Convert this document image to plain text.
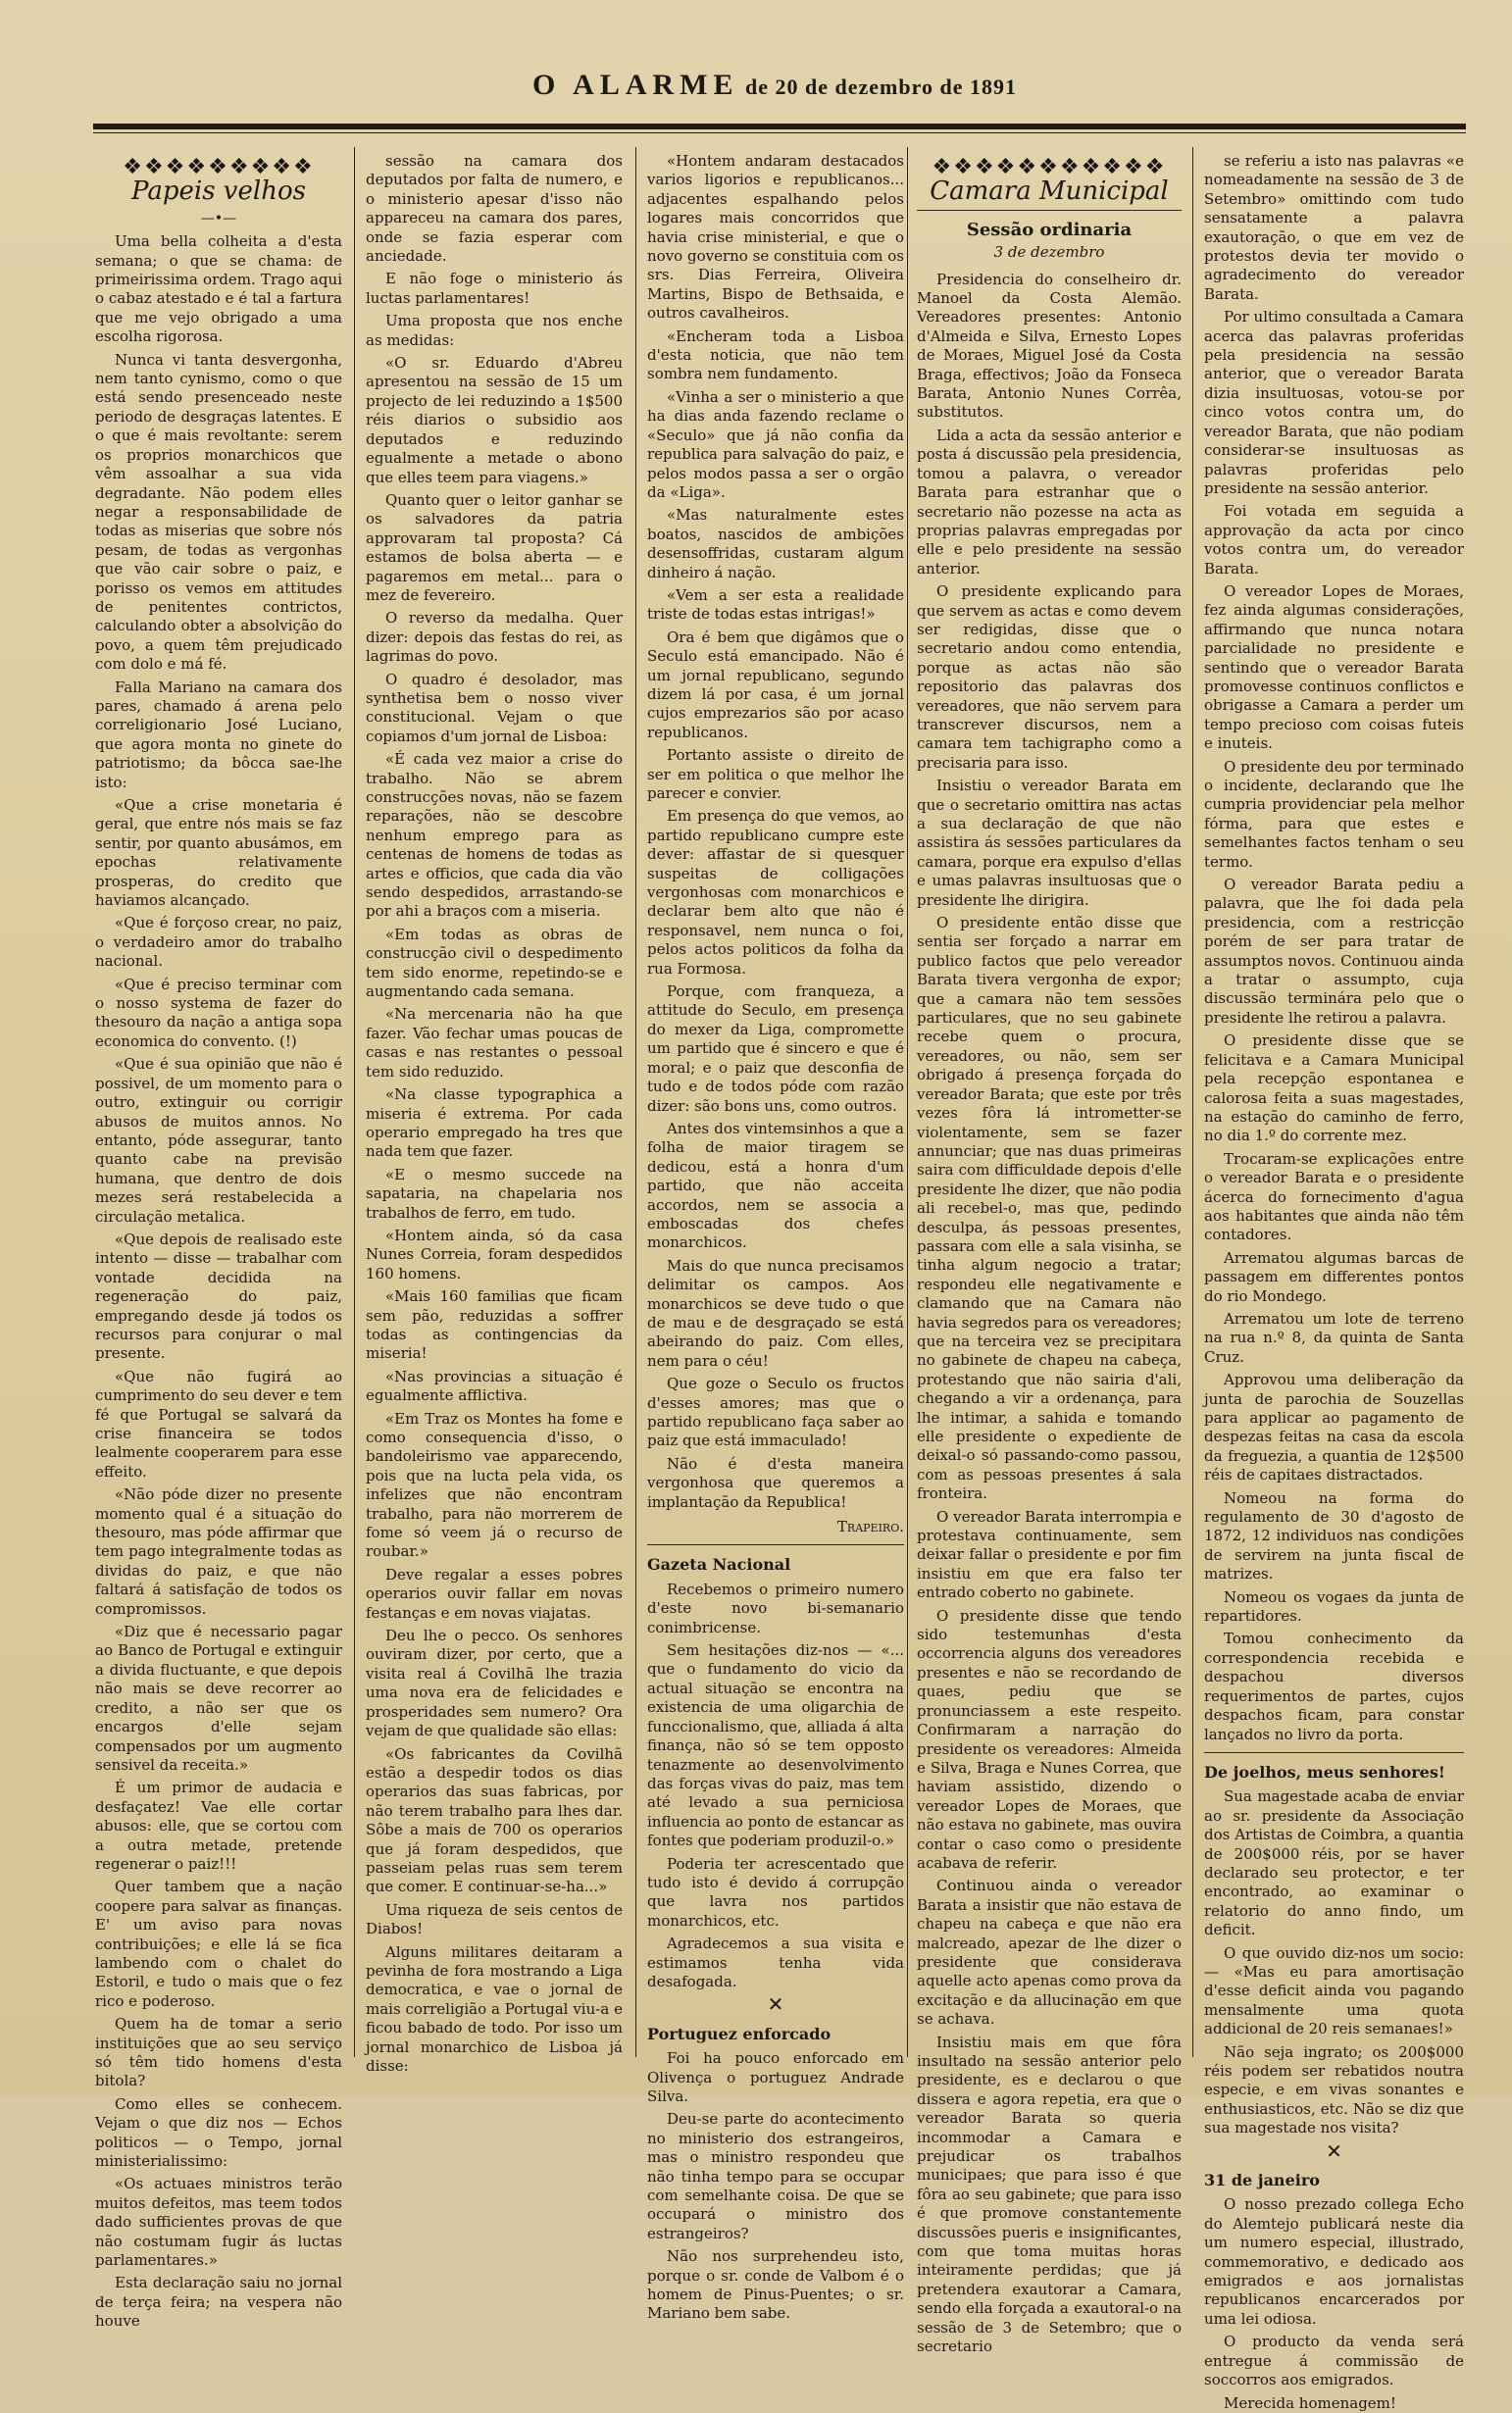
O ALARME de 20 de dezembro de 1891
❖❖❖❖❖❖❖❖❖
Papeis velhos
—•—

Uma bella colheita a d'esta semana; o que se chama: de primeirissima ordem. Trago aqui o cabaz atestado e é tal a fartura que me vejo obrigado a uma escolha rigorosa.

Nunca vi tanta desvergonha, nem tanto cynismo, como o que está sendo presenceado neste periodo de desgraças latentes. E o que é mais revoltante: serem os proprios monarchicos que vêm assoalhar a sua vida degradante. Não podem elles negar a responsabilidade de todas as miserias que sobre nós pesam, de todas as vergonhas que vão cair sobre o paiz, e porisso os vemos em attitudes de penitentes contrictos, calculando obter a absolvição do povo, a quem têm prejudicado com dolo e má fé.

Falla Mariano na camara dos pares, chamado á arena pelo correligionario José Luciano, que agora monta no ginete do patriotismo; da bôcca sae-lhe isto:

«Que a crise monetaria é geral, que entre nós mais se faz sentir, por quanto abusámos, em epochas relativamente prosperas, do credito que haviamos alcançado.

«Que é forçoso crear, no paiz, o verdadeiro amor do trabalho nacional.

«Que é preciso terminar com o nosso systema de fazer do thesouro da nação a antiga sopa economica do convento. (!)

«Que é sua opinião que não é possivel, de um momento para o outro, extinguir ou corrigir abusos de muitos annos. No entanto, póde assegurar, tanto quanto cabe na previsão humana, que dentro de dois mezes será restabelecida a circulação metalica.

«Que depois de realisado este intento — disse — trabalhar com vontade decidida na regeneração do paiz, empregando desde já todos os recursos para conjurar o mal presente.

«Que não fugirá ao cumprimento do seu dever e tem fé que Portugal se salvará da crise financeira se todos lealmente cooperarem para esse effeito.

«Não póde dizer no presente momento qual é a situação do thesouro, mas póde affirmar que tem pago integralmente todas as dividas do paiz, e que não faltará á satisfação de todos os compromissos.

«Diz que é necessario pagar ao Banco de Portugal e extinguir a divida fluctuante, e que depois não mais se deve recorrer ao credito, a não ser que os encargos d'elle sejam compensados por um augmento sensivel da receita.»

É um primor de audacia e desfaçatez! Vae elle cortar abusos: elle, que se cortou com a outra metade, pretende regenerar o paiz!!!

Quer tambem que a nação coopere para salvar as finanças. E' um aviso para novas contribuições; e elle lá se fica lambendo com o chalet do Estoril, e tudo o mais que o fez rico e poderoso.

Quem ha de tomar a serio instituições que ao seu serviço só têm tido homens d'esta bitola?

Como elles se conhecem. Vejam o que diz nos — Echos politicos — o Tempo, jornal ministerialissimo:

«Os actuaes ministros terão muitos defeitos, mas teem todos dado sufficientes provas de que não costumam fugir ás luctas parlamentares.»

Esta declaração saiu no jornal de terça feira; na vespera não houve

sessão na camara dos deputados por falta de numero, e o ministerio apesar d'isso não appareceu na camara dos pares, onde se fazia esperar com anciedade.

E não foge o ministerio ás luctas parlamentares!

Uma proposta que nos enche as medidas:

«O sr. Eduardo d'Abreu apresentou na sessão de 15 um projecto de lei reduzindo a 1$500 réis diarios o subsidio aos deputados e reduzindo egualmente a metade o abono que elles teem para viagens.»

Quanto quer o leitor ganhar se os salvadores da patria approvaram tal proposta? Cá estamos de bolsa aberta — e pagaremos em metal... para o mez de fevereiro.

O reverso da medalha. Quer dizer: depois das festas do rei, as lagrimas do povo.

O quadro é desolador, mas synthetisa bem o nosso viver constitucional. Vejam o que copiamos d'um jornal de Lisboa:

«É cada vez maior a crise do trabalho. Não se abrem construcções novas, não se fazem reparações, não se descobre nenhum emprego para as centenas de homens de todas as artes e officios, que cada dia vão sendo despedidos, arrastando-se por ahi a braços com a miseria.

«Em todas as obras de construcção civil o despedimento tem sido enorme, repetindo-se e augmentando cada semana.

«Na mercenaria não ha que fazer. Vão fechar umas poucas de casas e nas restantes o pessoal tem sido reduzido.

«Na classe typographica a miseria é extrema. Por cada operario empregado ha tres que nada tem que fazer.

«E o mesmo succede na sapataria, na chapelaria nos trabalhos de ferro, em tudo.

«Hontem ainda, só da casa Nunes Correia, foram despedidos 160 homens.

«Mais 160 familias que ficam sem pão, reduzidas a soffrer todas as contingencias da miseria!

«Nas provincias a situação é egualmente afflictiva.

«Em Traz os Montes ha fome e como consequencia d'isso, o bandoleirismo vae apparecendo, pois que na lucta pela vida, os infelizes que não encontram trabalho, para não morrerem de fome só veem já o recurso de roubar.»

Deve regalar a esses pobres operarios ouvir fallar em novas festanças e em novas viajatas.

Deu lhe o pecco. Os senhores ouviram dizer, por certo, que a visita real á Covilhã lhe trazia uma nova era de felicidades e prosperidades sem numero? Ora vejam de que qualidade são ellas:

«Os fabricantes da Covilhã estão a despedir todos os dias operarios das suas fabricas, por não terem trabalho para lhes dar. Sôbe a mais de 700 os operarios que já foram despedidos, que passeiam pelas ruas sem terem que comer. E continuar-se-ha...»

Uma riqueza de seis centos de Diabos!

Alguns militares deitaram a pevinha de fora mostrando a Liga democratica, e vae o jornal de mais correligião a Portugal viu-a e ficou babado de todo. Por isso um jornal monarchico de Lisboa já disse:

«Hontem andaram destacados varios ligorios e republicanos... adjacentes espalhando pelos logares mais concorridos que havia crise ministerial, e que o novo governo se constituia com os srs. Dias Ferreira, Oliveira Martins, Bispo de Bethsaida, e outros cavalheiros.

«Encheram toda a Lisboa d'esta noticia, que não tem sombra nem fundamento.

«Vinha a ser o ministerio a que ha dias anda fazendo reclame o «Seculo» que já não confia da republica para salvação do paiz, e pelos modos passa a ser o orgão da «Liga».

«Mas naturalmente estes boatos, nascidos de ambições desensoffridas, custaram algum dinheiro á nação.

«Vem a ser esta a realidade triste de todas estas intrigas!»

Ora é bem que digâmos que o Seculo está emancipado. Não é um jornal republicano, segundo dizem lá por casa, é um jornal cujos emprezarios são por acaso republicanos.

Portanto assiste o direito de ser em politica o que melhor lhe parecer e convier.

Em presença do que vemos, ao partido republicano cumpre este dever: affastar de si quesquer suspeitas de colligações vergonhosas com monarchicos e declarar bem alto que não é responsavel, nem nunca o foi, pelos actos politicos da folha da rua Formosa.

Porque, com franqueza, a attitude do Seculo, em presença do mexer da Liga, compromette um partido que é sincero e que é moral; e o paiz que desconfia de tudo e de todos póde com razão dizer: são bons uns, como outros.

Antes dos vintemsinhos a que a folha de maior tiragem se dedicou, está a honra d'um partido, que não acceita accordos, nem se associa a emboscadas dos chefes monarchicos.

Mais do que nunca precisamos delimitar os campos. Aos monarchicos se deve tudo o que de mau e de desgraçado se está abeirando do paiz. Com elles, nem para o céu!

Que goze o Seculo os fructos d'esses amores; mas que o partido republicano faça saber ao paiz que está immaculado!

Não é d'esta maneira vergonhosa que queremos a implantação da Republica!

Trapeiro.
Gazeta Nacional

Recebemos o primeiro numero d'este novo bi-semanario conimbricense.

Sem hesitações diz-nos — «... que o fundamento do vicio da actual situação se encontra na existencia de uma oligarchia de funccionalismo, que, alliada á alta finança, não só se tem opposto tenazmente ao desenvolvimento das forças vivas do paiz, mas tem até levado a sua perniciosa influencia ao ponto de estancar as fontes que poderiam produzil-o.»

Poderia ter acrescentado que tudo isto é devido á corrupção que lavra nos partidos monarchicos, etc.

Agradecemos a sua visita e estimamos tenha vida desafogada.

✕
Portuguez enforcado

Foi ha pouco enforcado em Olivença o portuguez Andrade Silva.

Deu-se parte do acontecimento no ministerio dos estrangeiros, mas o ministro respondeu que não tinha tempo para se occupar com semelhante coisa. De que se occupará o ministro dos estrangeiros?

Não nos surprehendeu isto, porque o sr. conde de Valbom é o homem de Pinus-Puentes; o sr. Mariano bem sabe.

❖❖❖❖❖❖❖❖❖❖❖
Camara Municipal
Sessão ordinaria
3 de dezembro

Presidencia do conselheiro dr. Manoel da Costa Alemão. Vereadores presentes: Antonio d'Almeida e Silva, Ernesto Lopes de Moraes, Miguel José da Costa Braga, effectivos; João da Fonseca Barata, Antonio Nunes Corrêa, substitutos.

Lida a acta da sessão anterior e posta á discussão pela presidencia, tomou a palavra, o vereador Barata para estranhar que o secretario não pozesse na acta as proprias palavras empregadas por elle e pelo presidente na sessão anterior.

O presidente explicando para que servem as actas e como devem ser redigidas, disse que o secretario andou como entendia, porque as actas não são repositorio das palavras dos vereadores, que não servem para transcrever discursos, nem a camara tem tachigrapho como a precisaria para isso.

Insistiu o vereador Barata em que o secretario omittira nas actas a sua declaração de que não assistira ás sessões particulares da camara, porque era expulso d'ellas e umas palavras insultuosas que o presidente lhe dirigira.

O presidente então disse que sentia ser forçado a narrar em publico factos que pelo vereador Barata tivera vergonha de expor; que a camara não tem sessões particulares, que no seu gabinete recebe quem o procura, vereadores, ou não, sem ser obrigado á presença forçada do vereador Barata; que este por três vezes fôra lá intrometter-se violentamente, sem se fazer annunciar; que nas duas primeiras saira com difficuldade depois d'elle presidente lhe dizer, que não podia ali recebel-o, mas que, pedindo desculpa, ás pessoas presentes, passara com elle a sala visinha, se tinha algum negocio a tratar; respondeu elle negativamente e clamando que na Camara não havia segredos para os vereadores; que na terceira vez se precipitara no gabinete de chapeu na cabeça, protestando que não sairia d'ali, chegando a vir a ordenança, para lhe intimar, a sahida e tomando elle presidente o expediente de deixal-o só passando-como passou, com as pessoas presentes á sala fronteira.

O vereador Barata interrompia e protestava continuamente, sem deixar fallar o presidente e por fim insistiu em que era falso ter entrado coberto no gabinete.

O presidente disse que tendo sido testemunhas d'esta occorrencia alguns dos vereadores presentes e não se recordando de quaes, pediu que se pronunciassem a este respeito. Confirmaram a narração do presidente os vereadores: Almeida e Silva, Braga e Nunes Correa, que haviam assistido, dizendo o vereador Lopes de Moraes, que não estava no gabinete, mas ouvira contar o caso como o presidente acabava de referir.

Continuou ainda o vereador Barata a insistir que não estava de chapeu na cabeça e que não era malcreado, apezar de lhe dizer o presidente que considerava aquelle acto apenas como prova da excitação e da allucinação em que se achava.

Insistiu mais em que fôra insultado na sessão anterior pelo presidente, es e declarou o que dissera e agora repetia, era que o vereador Barata so queria incommodar a Camara e prejudicar os trabalhos municipaes; que para isso é que fôra ao seu gabinete; que para isso é que promove constantemente discussões pueris e insignificantes, com que toma muitas horas inteiramente perdidas; que já pretendera exautorar a Camara, sendo ella forçada a exautoral-o na sessão de 3 de Setembro; que o secretario

se referiu a isto nas palavras «e nomeadamente na sessão de 3 de Setembro» omittindo com tudo sensatamente a palavra exautoração, o que em vez de protestos devia ter movido o agradecimento do vereador Barata.

Por ultimo consultada a Camara acerca das palavras proferidas pela presidencia na sessão anterior, que o vereador Barata dizia insultuosas, votou-se por cinco votos contra um, do vereador Barata, que não podiam considerar-se insultuosas as palavras proferidas pelo presidente na sessão anterior.

Foi votada em seguida a approvação da acta por cinco votos contra um, do vereador Barata.

O vereador Lopes de Moraes, fez ainda algumas considerações, affirmando que nunca notara parcialidade no presidente e sentindo que o vereador Barata promovesse continuos conflictos e obrigasse a Camara a perder um tempo precioso com coisas futeis e inuteis.

O presidente deu por terminado o incidente, declarando que lhe cumpria providenciar pela melhor fórma, para que estes e semelhantes factos tenham o seu termo.

O vereador Barata pediu a palavra, que lhe foi dada pela presidencia, com a restricção porém de ser para tratar de assumptos novos. Continuou ainda a tratar o assumpto, cuja discussão terminára pelo que o presidente lhe retirou a palavra.

O presidente disse que se felicitava e a Camara Municipal pela recepção espontanea e calorosa feita a suas magestades, na estação do caminho de ferro, no dia 1.º do corrente mez.

Trocaram-se explicações entre o vereador Barata e o presidente ácerca do fornecimento d'agua aos habitantes que ainda não têm contadores.

Arrematou algumas barcas de passagem em differentes pontos do rio Mondego.

Arrematou um lote de terreno na rua n.º 8, da quinta de Santa Cruz.

Approvou uma deliberação da junta de parochia de Souzellas para applicar ao pagamento de despezas feitas na casa da escola da freguezia, a quantia de 12$500 réis de capitaes distractados.

Nomeou na forma do regulamento de 30 d'agosto de 1872, 12 individuos nas condições de servirem na junta fiscal de matrizes.

Nomeou os vogaes da junta de repartidores.

Tomou conhecimento da correspondencia recebida e despachou diversos requerimentos de partes, cujos despachos ficam, para constar lançados no livro da porta.

De joelhos, meus senhores!

Sua magestade acaba de enviar ao sr. presidente da Associação dos Artistas de Coimbra, a quantia de 200$000 réis, por se haver declarado seu protector, e ter encontrado, ao examinar o relatorio do anno findo, um deficit.

O que ouvido diz-nos um socio: — «Mas eu para amortisação d'esse deficit ainda vou pagando mensalmente uma quota addicional de 20 reis semanaes!»

Não seja ingrato; os 200$000 réis podem ser rebatidos noutra especie, e em vivas sonantes e enthusiasticos, etc. Não se diz que sua magestade nos visita?

✕
31 de janeiro

O nosso prezado collega Echo do Alemtejo publicará neste dia um numero especial, illustrado, commemorativo, e dedicado aos emigrados e aos jornalistas republicanos encarcerados por uma lei odiosa.

O producto da venda será entregue á commissão de soccorros aos emigrados.

Merecida homenagem!
